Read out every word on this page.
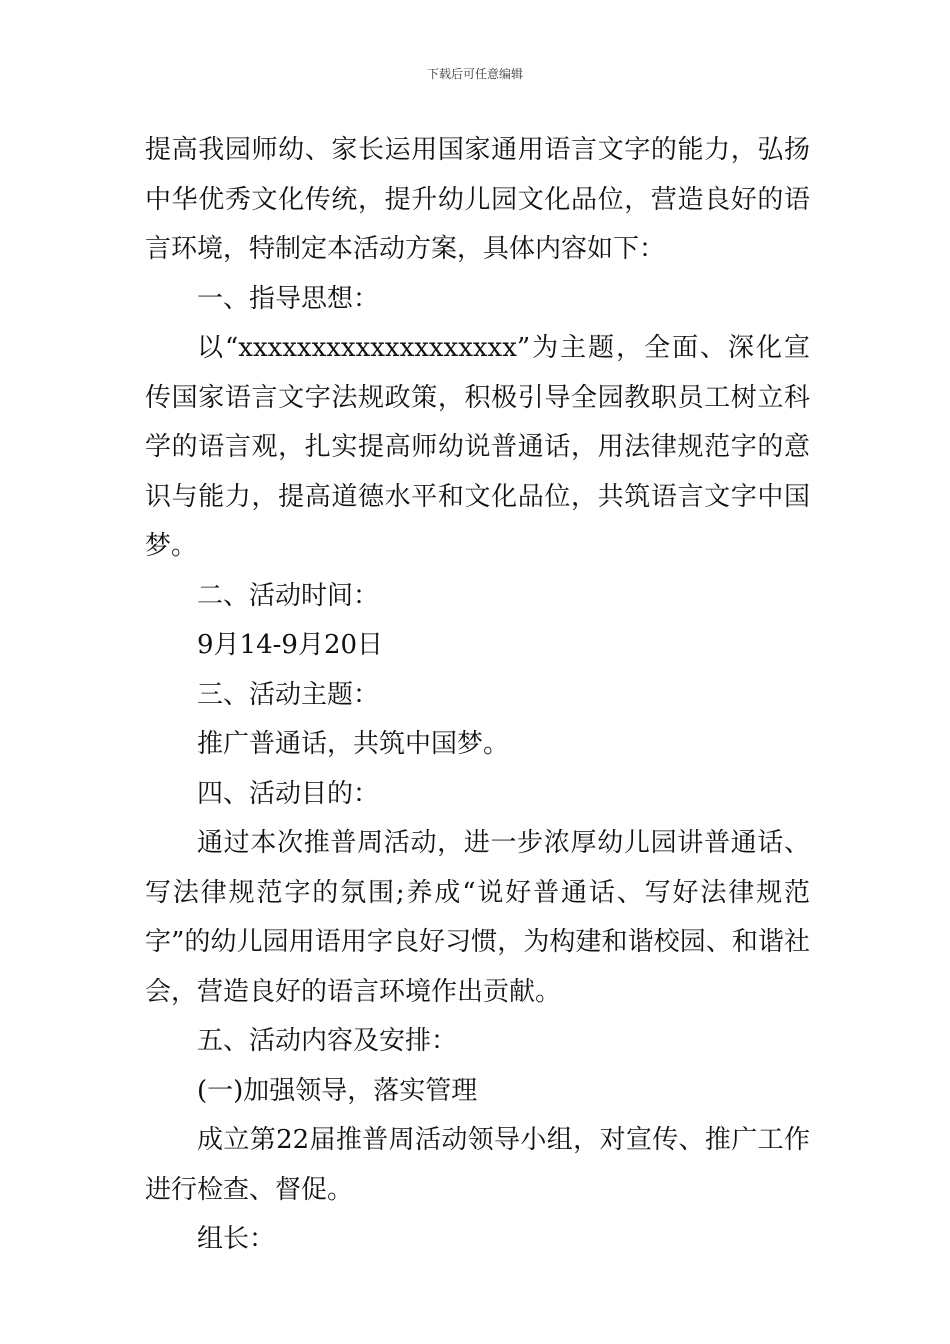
下载后可任意编辑

提高我园师幼、家长运用国家通用语言文字的能力，弘扬中华优秀文化传统，提升幼儿园文化品位，营造良好的语言环境，特制定本活动方案，具体内容如下：

一、指导思想：

以“xxxxxxxxxxxxxxxxxxx”为主题，全面、深化宣传国家语言文字法规政策，积极引导全园教职员工树立科学的语言观，扎实提高师幼说普通话，用法律规范字的意识与能力，提高道德水平和文化品位，共筑语言文字中国梦。

二、活动时间：

9月14-9月20日

三、活动主题：

推广普通话，共筑中国梦。

四、活动目的：

通过本次推普周活动，进一步浓厚幼儿园讲普通话、写法律规范字的氛围;养成“说好普通话、写好法律规范字”的幼儿园用语用字良好习惯，为构建和谐校园、和谐社会，营造良好的语言环境作出贡献。

五、活动内容及安排：

(一)加强领导，落实管理

成立第22届推普周活动领导小组，对宣传、推广工作进行检查、督促。

组长：
